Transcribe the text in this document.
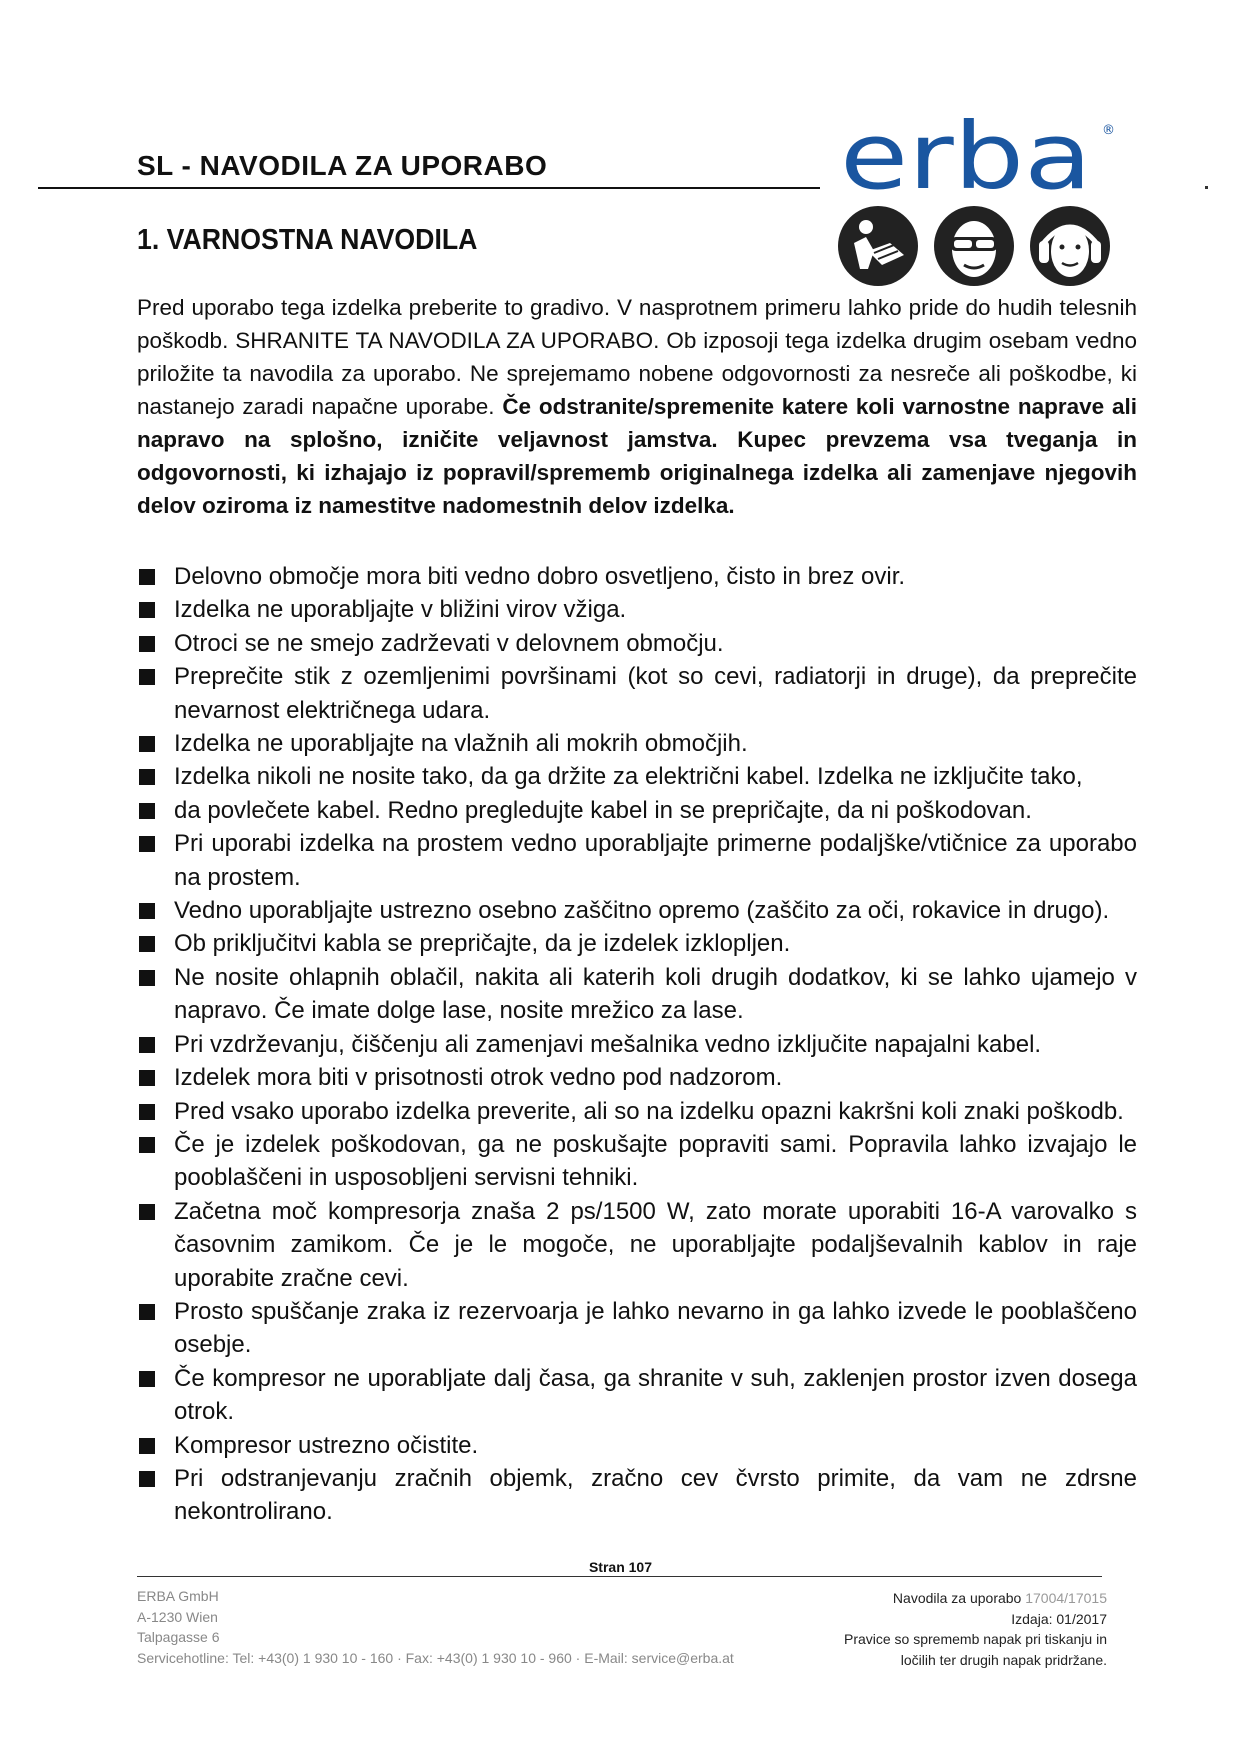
SL - NAVODILA ZA UPORABO	erba ®
1. VARNOSTNA NAVODILA
Pred uporabo tega izdelka preberite to gradivo. V nasprotnem primeru lahko pride do hudih telesnih poškodb. SHRANITE TA NAVODILA ZA UPORABO. Ob izposoji tega izdelka drugim osebam vedno priložite ta navodila za uporabo. Ne sprejemamo nobene odgovornosti za nesreče ali poškodbe, ki nastanejo zaradi napačne uporabe. Če odstranite/spremenite katere koli varnostne naprave ali napravo na splošno, izničite veljavnost jamstva. Kupec prevzema vsa tveganja in odgovornosti, ki izhajajo iz popravil/sprememb originalnega izdelka ali zamenjave njegovih delov oziroma iz namestitve nadomestnih delov izdelka.
Delovno območje mora biti vedno dobro osvetljeno, čisto in brez ovir.
Izdelka ne uporabljajte v bližini virov vžiga.
Otroci se ne smejo zadrževati v delovnem območju.
Preprečite stik z ozemljenimi površinami (kot so cevi, radiatorji in druge), da preprečite nevarnost električnega udara.
Izdelka ne uporabljajte na vlažnih ali mokrih območjih.
Izdelka nikoli ne nosite tako, da ga držite za električni kabel. Izdelka ne izključite tako,
da povlečete kabel. Redno pregledujte kabel in se prepričajte, da ni poškodovan.
Pri uporabi izdelka na prostem vedno uporabljajte primerne podaljške/vtičnice za uporabo na prostem.
Vedno uporabljajte ustrezno osebno zaščitno opremo (zaščito za oči, rokavice in drugo).
Ob priključitvi kabla se prepričajte, da je izdelek izklopljen.
Ne nosite ohlapnih oblačil, nakita ali katerih koli drugih dodatkov, ki se lahko ujamejo v napravo. Če imate dolge lase, nosite mrežico za lase.
Pri vzdrževanju, čiščenju ali zamenjavi mešalnika vedno izključite napajalni kabel.
Izdelek mora biti v prisotnosti otrok vedno pod nadzorom.
Pred vsako uporabo izdelka preverite, ali so na izdelku opazni kakršni koli znaki poškodb.
Če je izdelek poškodovan, ga ne poskušajte popraviti sami. Popravila lahko izvajajo le pooblaščeni in usposobljeni servisni tehniki.
Začetna moč kompresorja znaša 2 ps/1500 W, zato morate uporabiti 16-A varovalko s časovnim zamikom. Če je le mogoče, ne uporabljajte podaljševalnih kablov in raje uporabite zračne cevi.
Prosto spuščanje zraka iz rezervoarja je lahko nevarno in ga lahko izvede le pooblaščeno osebje.
Če kompresor ne uporabljate dalj časa, ga shranite v suh, zaklenjen prostor izven dosega otrok.
Kompresor ustrezno očistite.
Pri odstranjevanju zračnih objemk, zračno cev čvrsto primite, da vam ne zdrsne nekontrolirano.
Stran 107
ERBA GmbH
A-1230 Wien
Talpagasse 6
Servicehotline: Tel: +43(0) 1 930 10 - 160 · Fax: +43(0) 1 930 10 - 960 · E-Mail: service@erba.at
Navodila za uporabo 17004/17015
Izdaja: 01/2017
Pravice so sprememb napak pri tiskanju in
ločilih ter drugih napak pridržane.
